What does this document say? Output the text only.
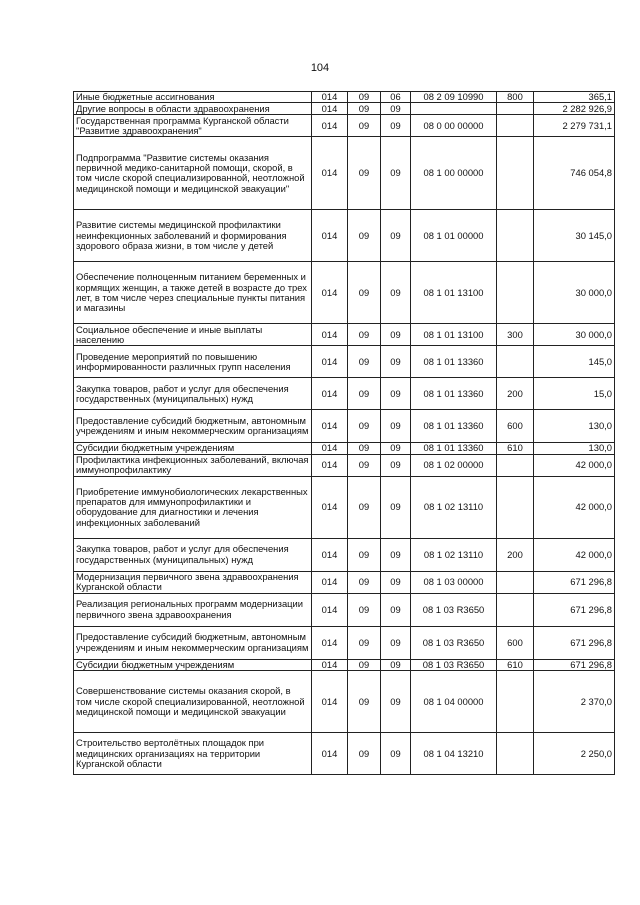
104
Иные бюджетные ассигнования	014	09	06	08 2 09 10990	800	365,1
Другие вопросы в области здравоохранения	014	09	09			2 282 926,9
Государственная программа Курганской области "Развитие здравоохранения"	014	09	09	08 0 00 00000		2 279 731,1
Подпрограмма "Развитие системы оказания первичной медико-санитарной помощи, скорой, в том числе скорой специализированной, неотложной медицинской помощи и медицинской эвакуации"	014	09	09	08 1 00 00000		746 054,8
Развитие системы медицинской профилактики неинфекционных заболеваний и формирования здорового образа жизни, в том числе у детей	014	09	09	08 1 01 00000		30 145,0
Обеспечение полноценным питанием беременных и кормящих женщин, а также детей в возрасте до трех лет, в том числе через специальные пункты питания и магазины	014	09	09	08 1 01 13100		30 000,0
Социальное обеспечение и иные выплаты населению	014	09	09	08 1 01 13100	300	30 000,0
Проведение мероприятий по повышению информированности различных групп населения	014	09	09	08 1 01 13360		145,0
Закупка товаров, работ и услуг для обеспечения государственных (муниципальных) нужд	014	09	09	08 1 01 13360	200	15,0
Предоставление субсидий бюджетным, автономным учреждениям и иным некоммерческим организациям	014	09	09	08 1 01 13360	600	130,0
Субсидии бюджетным учреждениям	014	09	09	08 1 01 13360	610	130,0
Профилактика инфекционных заболеваний, включая иммунопрофилактику	014	09	09	08 1 02 00000		42 000,0
Приобретение иммунобиологических лекарственных препаратов для иммунопрофилактики и оборудование для диагностики и лечения инфекционных заболеваний	014	09	09	08 1 02 13110		42 000,0
Закупка товаров, работ и услуг для обеспечения государственных (муниципальных) нужд	014	09	09	08 1 02 13110	200	42 000,0
Модернизация первичного звена здравоохранения Курганской области	014	09	09	08 1 03 00000		671 296,8
Реализация региональных программ модернизации первичного звена здравоохранения	014	09	09	08 1 03 R3650		671 296,8
Предоставление субсидий бюджетным, автономным учреждениям и иным некоммерческим организациям	014	09	09	08 1 03 R3650	600	671 296,8
Субсидии бюджетным учреждениям	014	09	09	08 1 03 R3650	610	671 296,8
Совершенствование системы оказания скорой, в том числе скорой специализированной, неотложной медицинской помощи и медицинской эвакуации	014	09	09	08 1 04 00000		2 370,0
Строительство вертолётных площадок при медицинских организациях на территории Курганской области	014	09	09	08 1 04 13210		2 250,0
